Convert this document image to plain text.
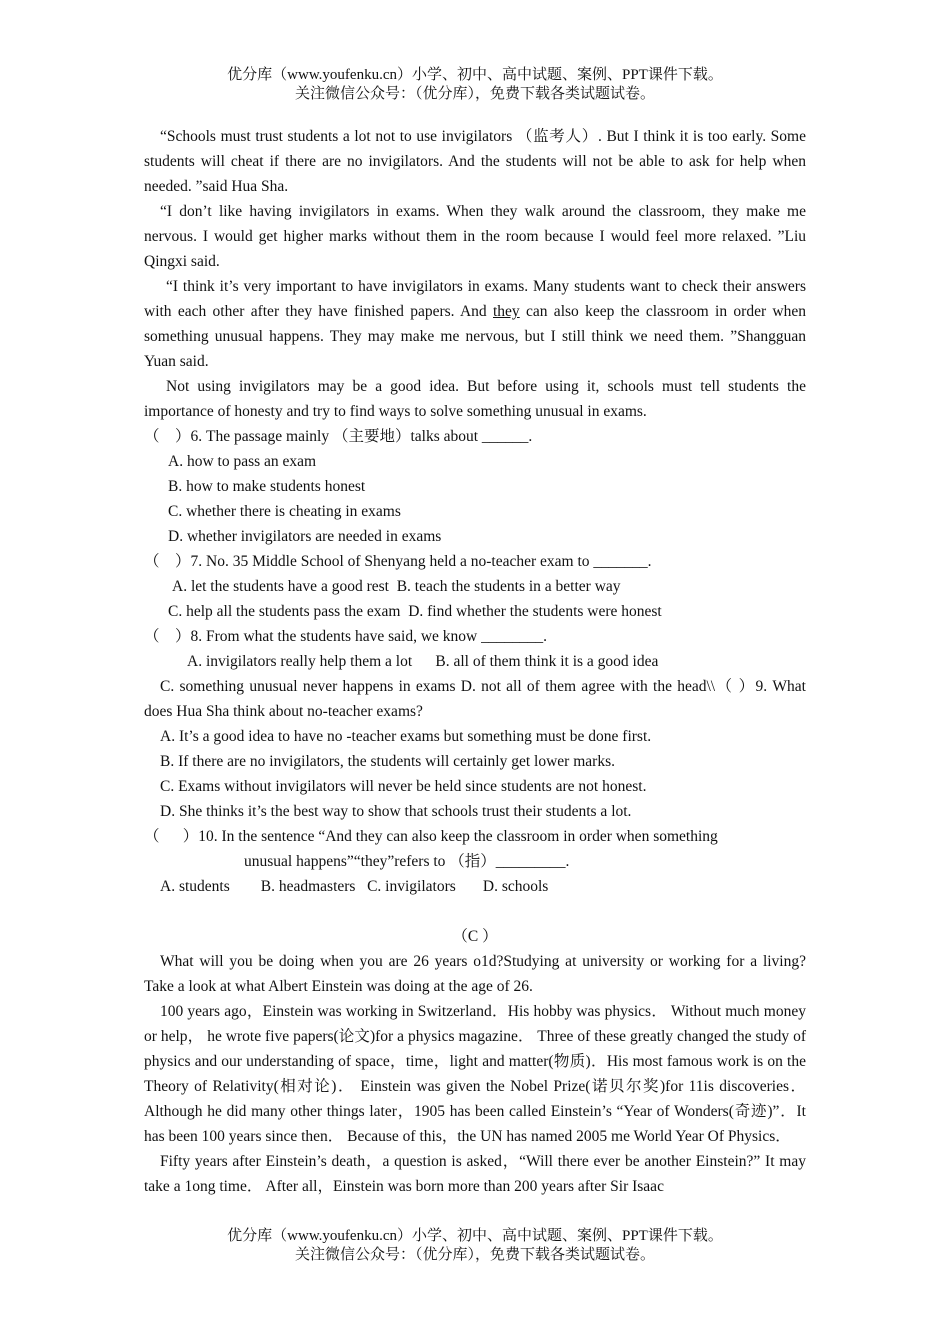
优分库（www.youfenku.cn）小学、初中、高中试题、案例、PPT课件下载。
关注微信公众号：（优分库），免费下载各类试题试卷。

“Schools must trust students a lot not to use invigilators （监考人）. But I think it is too early. Some students will cheat if there are no invigilators. And the students will not be able to ask for help when needed. ”said Hua Sha.

“I don’t like having invigilators in exams. When they walk around the classroom, they make me nervous. I would get higher marks without them in the room because I would feel more relaxed. ”Liu Qingxi said.

“I think it’s very important to have invigilators in exams. Many students want to check their answers with each other after they have finished papers. And they can also keep the classroom in order when something unusual happens. They may make me nervous, but I still think we need them. ”Shangguan Yuan said.

Not using invigilators may be a good idea. But before using it, schools must tell students the importance of honesty and try to find ways to solve something unusual in exams.

（    ）6. The passage mainly （主要地）talks about ______.

A. how to pass an exam

B. how to make students honest

C. whether there is cheating in exams

D. whether invigilators are needed in exams

（    ）7. No. 35 Middle School of Shenyang held a no-teacher exam to _______.

A. let the students have a good rest  B. teach the students in a better way

C. help all the students pass the exam  D. find whether the students were honest

（    ）8. From what the students have said, we know ________.

A. invigilators really help them a lot      B. all of them think it is a good idea

C. something unusual never happens in exams D. not all of them agree with the head\\（ ）9. What does Hua Sha think about no-teacher exams?

A. It’s a good idea to have no -teacher exams but something must be done first.

B. If there are no invigilators, the students will certainly get lower marks.

C. Exams without invigilators will never be held since students are not honest.

D. She thinks it’s the best way to show that schools trust their students a lot.

（      ）10. In the sentence “And they can also keep the classroom in order when something

unusual happens”“they”refers to （指）_________.

A. students        B. headmasters   C. invigilators       D. schools

（C ）

What will you be doing when you are 26 years o1d?Studying at university or working for a living? Take a look at what Albert Einstein was doing at the age of 26.

100 years ago，Einstein was working in Switzerland．His hobby was physics． Without much money or help， he wrote five papers(论文)for a physics magazine． Three of these greatly changed the study of physics and our understanding of space，time，light and matter(物质)．His most famous work is on the Theory of Relativity(相对论)． Einstein was given the Nobel Prize(诺贝尔奖)for 11is discoveries． Although he did many other things later，1905 has been called Einstein’s “Year of Wonders(奇迹)”．It has been 100 years since then． Because of this，the UN has named 2005 me World Year Of Physics．

Fifty years after Einstein’s death，a question is asked，“Will there ever be another Einstein?” It may take a 1ong time． After all，Einstein was born more than 200 years after Sir Isaac

优分库（www.youfenku.cn）小学、初中、高中试题、案例、PPT课件下载。
关注微信公众号：（优分库），免费下载各类试题试卷。
